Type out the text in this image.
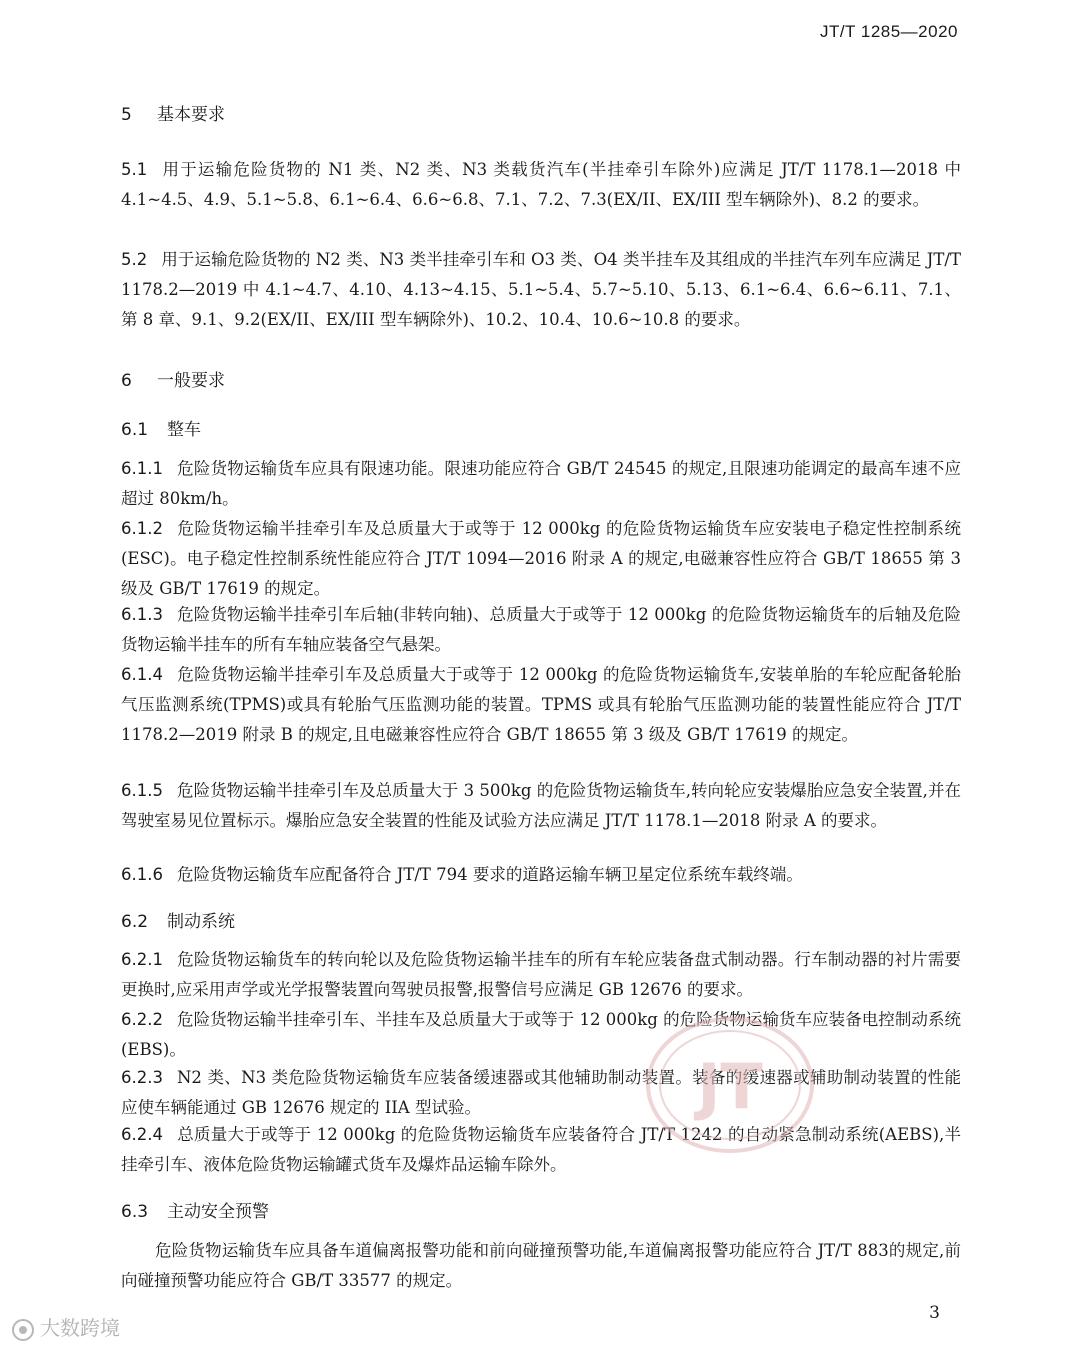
JT/T 1285—2020
5 基本要求
5.1 用于运输危险货物的 N1 类、N2 类、N3 类载货汽车(半挂牵引车除外)应满足 JT/T 1178.1—2018 中 4.1~4.5、4.9、5.1~5.8、6.1~6.4、6.6~6.8、7.1、7.2、7.3(EX/II、EX/III 型车辆除外)、8.2 的要求。
5.2 用于运输危险货物的 N2 类、N3 类半挂牵引车和 O3 类、O4 类半挂车及其组成的半挂汽车列车应满足 JT/T 1178.2—2019 中 4.1~4.7、4.10、4.13~4.15、5.1~5.4、5.7~5.10、5.13、6.1~6.4、6.6~6.11、7.1、第 8 章、9.1、9.2(EX/II、EX/III 型车辆除外)、10.2、10.4、10.6~10.8 的要求。
6 一般要求
6.1 整车
6.1.1 危险货物运输货车应具有限速功能。限速功能应符合 GB/T 24545 的规定,且限速功能调定的最高车速不应超过 80km/h。
6.1.2 危险货物运输半挂牵引车及总质量大于或等于 12 000kg 的危险货物运输货车应安装电子稳定性控制系统(ESC)。电子稳定性控制系统性能应符合 JT/T 1094—2016 附录 A 的规定,电磁兼容性应符合 GB/T 18655 第 3 级及 GB/T 17619 的规定。
6.1.3 危险货物运输半挂牵引车后轴(非转向轴)、总质量大于或等于 12 000kg 的危险货物运输货车的后轴及危险货物运输半挂车的所有车轴应装备空气悬架。
6.1.4 危险货物运输半挂牵引车及总质量大于或等于 12 000kg 的危险货物运输货车,安装单胎的车轮应配备轮胎气压监测系统(TPMS)或具有轮胎气压监测功能的装置。TPMS 或具有轮胎气压监测功能的装置性能应符合 JT/T 1178.2—2019 附录 B 的规定,且电磁兼容性应符合 GB/T 18655 第 3 级及 GB/T 17619 的规定。
6.1.5 危险货物运输半挂牵引车及总质量大于 3 500kg 的危险货物运输货车,转向轮应安装爆胎应急安全装置,并在驾驶室易见位置标示。爆胎应急安全装置的性能及试验方法应满足 JT/T 1178.1—2018 附录 A 的要求。
6.1.6 危险货物运输货车应配备符合 JT/T 794 要求的道路运输车辆卫星定位系统车载终端。
6.2 制动系统
6.2.1 危险货物运输货车的转向轮以及危险货物运输半挂车的所有车轮应装备盘式制动器。行车制动器的衬片需要更换时,应采用声学或光学报警装置向驾驶员报警,报警信号应满足 GB 12676 的要求。
6.2.2 危险货物运输半挂牵引车、半挂车及总质量大于或等于 12 000kg 的危险货物运输货车应装备电控制动系统(EBS)。
6.2.3 N2 类、N3 类危险货物运输货车应装备缓速器或其他辅助制动装置。装备的缓速器或辅助制动装置的性能应使车辆能通过 GB 12676 规定的 IIA 型试验。
6.2.4 总质量大于或等于 12 000kg 的危险货物运输货车应装备符合 JT/T 1242 的自动紧急制动系统(AEBS),半挂牵引车、液体危险货物运输罐式货车及爆炸品运输车除外。
6.3 主动安全预警
危险货物运输货车应具备车道偏离报警功能和前向碰撞预警功能,车道偏离报警功能应符合 JT/T 883的规定,前向碰撞预警功能应符合 GB/T 33577 的规定。
3
JT
大数跨境
